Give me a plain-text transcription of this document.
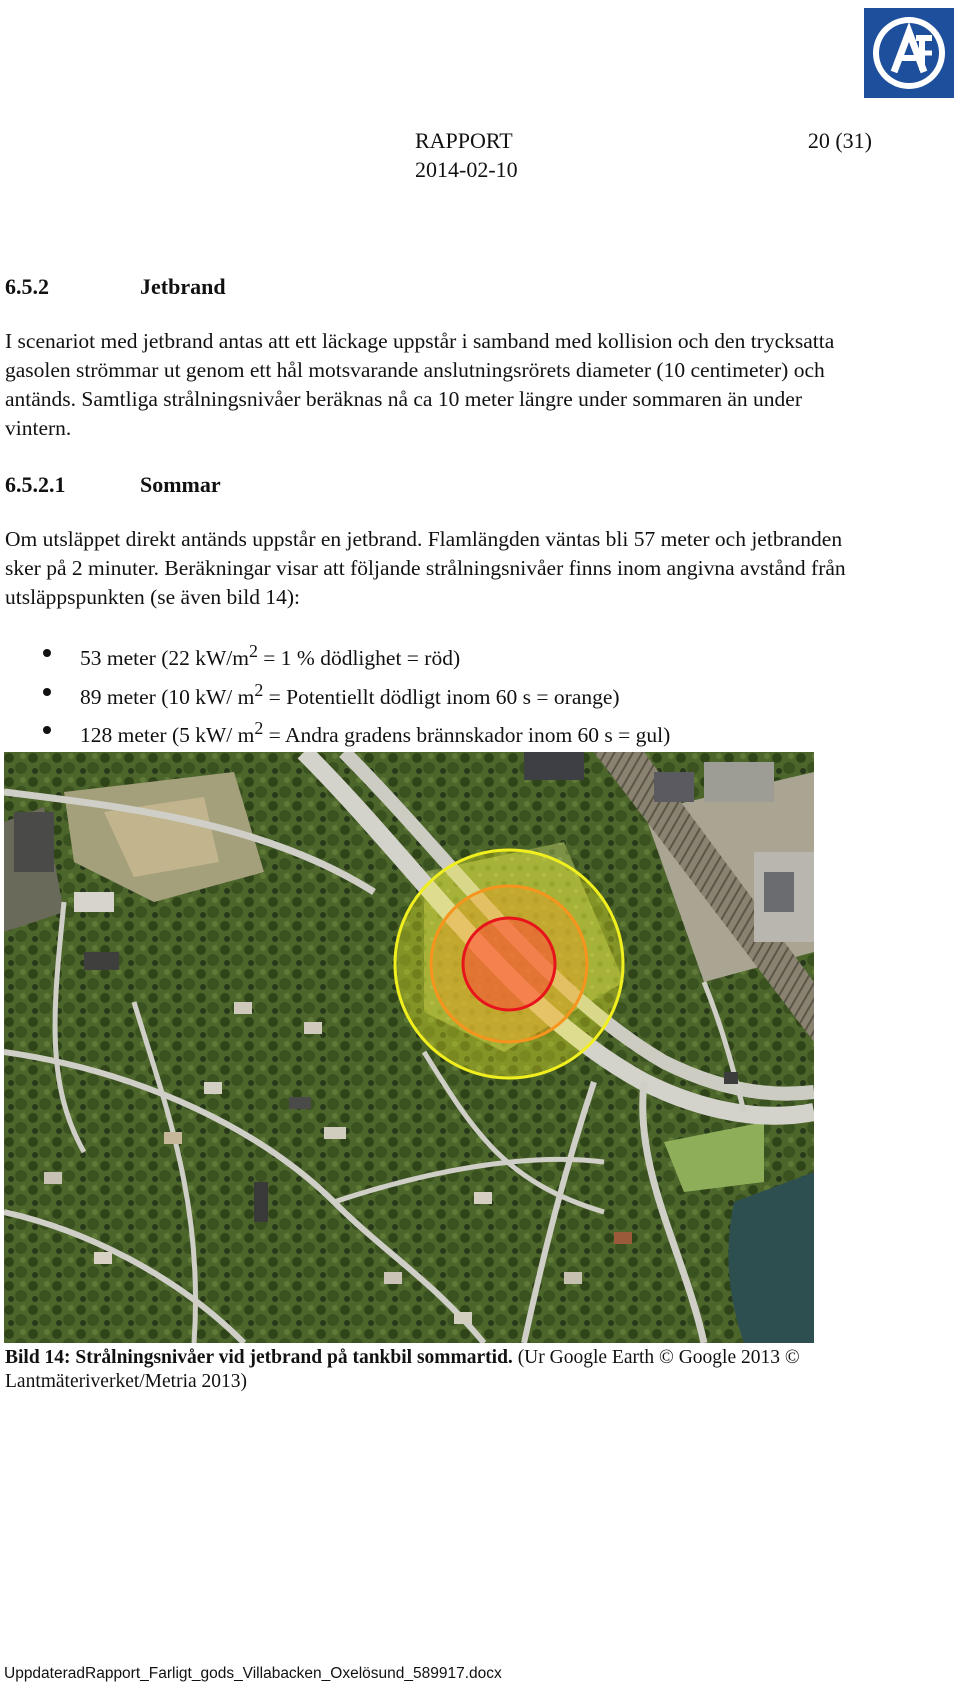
RAPPORT
2014-02-10
20 (31)
6.5.2	Jetbrand

I scenariot med jetbrand antas att ett läckage uppstår i samband med kollision och den trycksatta gasolen strömmar ut genom ett hål motsvarande anslutningsrörets diameter (10 centimeter) och antänds. Samtliga strålningsnivåer beräknas nå ca 10 meter längre under sommaren än under vintern.

6.5.2.1	Sommar

Om utsläppet direkt antänds uppstår en jetbrand. Flamlängden väntas bli 57 meter och jetbranden sker på 2 minuter. Beräkningar visar att följande strålningsnivåer finns inom angivna avstånd från utsläppspunkten (se även bild 14):

53 meter (22 $kW/m^2 = 1$ % dödlighet = röd)
89 meter (10 kW/ $m^2$ = Potentiellt dödligt inom 60 s = orange)
128 meter (5 kW/ $m^2$ = Andra gradens brännskador inom 60 s = gul)

Bild 14: Strålningsnivåer vid jetbrand på tankbil sommartid. (Ur Google Earth © Google 2013 © Lantmäteriverket/Metria 2013)

UppdateradRapport_Farligt_gods_Villabacken_Oxelösund_589917.docx
